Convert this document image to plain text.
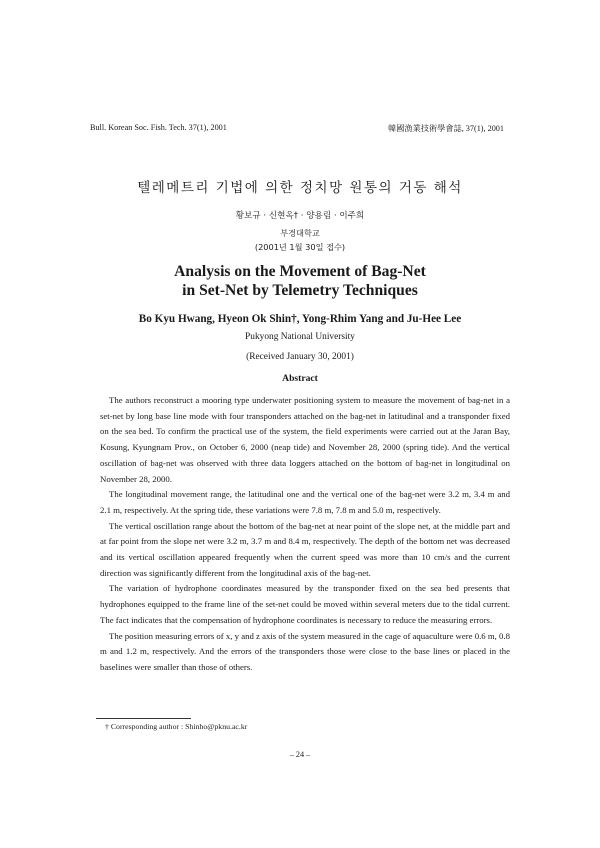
Bull. Korean Soc. Fish. Tech. 37(1), 2001	韓國漁業技術學會誌, 37(1), 2001
텔레메트리 기법에 의한 정치망 원통의 거동 해석
황보규 · 신현옥† · 양용림 · 이주희
부경대학교
(2001년 1월 30일 접수)
Analysis on the Movement of Bag-Net
in Set-Net by Telemetry Techniques
Bo Kyu Hwang, Hyeon Ok Shin†, Yong-Rhim Yang and Ju-Hee Lee
Pukyong National University
(Received January 30, 2001)
Abstract

The authors reconstruct a mooring type underwater positioning system to measure the movement of bag-net in a set-net by long base line mode with four transponders attached on the bag-net in latitudinal and a transponder fixed on the sea bed. To confirm the practical use of the system, the field experiments were carried out at the Jaran Bay, Kosung, Kyungnam Prov., on October 6, 2000 (neap tide) and November 28, 2000 (spring tide). And the vertical oscillation of bag-net was observed with three data loggers attached on the bottom of bag-net in longitudinal on November 28, 2000.

The longitudinal movement range, the latitudinal one and the vertical one of the bag-net were 3.2 m, 3.4 m and 2.1 m, respectively. At the spring tide, these variations were 7.8 m, 7.8 m and 5.0 m, respectively.

The vertical oscillation range about the bottom of the bag-net at near point of the slope net, at the middle part and at far point from the slope net were 3.2 m, 3.7 m and 8.4 m, respectively. The depth of the bottom net was decreased and its vertical oscillation appeared frequently when the current speed was more than 10 cm/s and the current direction was significantly different from the longitudinal axis of the bag-net.

The variation of hydrophone coordinates measured by the transponder fixed on the sea bed presents that hydrophones equipped to the frame line of the set-net could be moved within several meters due to the tidal current. The fact indicates that the compensation of hydrophone coordinates is necessary to reduce the measuring errors.

The position measuring errors of x, y and z axis of the system measured in the cage of aquaculture were 0.6 m, 0.8 m and 1.2 m, respectively. And the errors of the transponders those were close to the base lines or placed in the baselines were smaller than those of others.

† Corresponding author : Shinho@pknu.ac.kr
– 24 –
